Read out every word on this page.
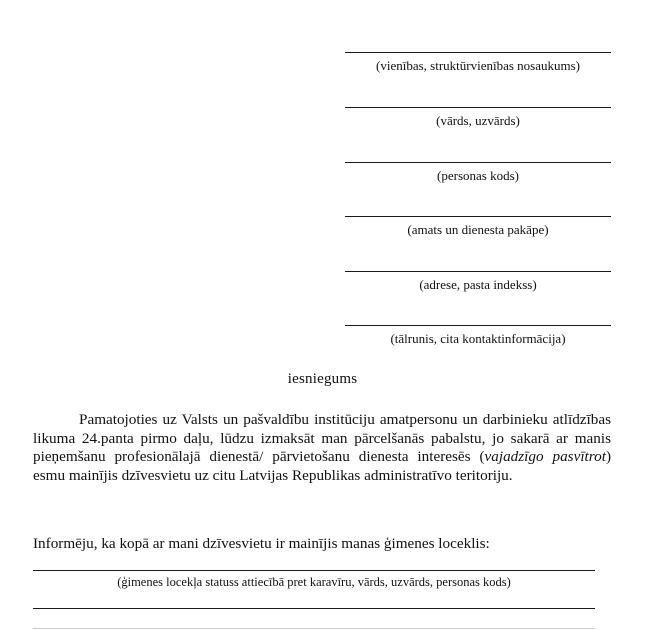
(vienības, struktūrvienības nosaukums)
(vārds, uzvārds)
(personas kods)
(amats un dienesta pakāpe)
(adrese, pasta indekss)
(tālrunis, cita kontaktinformācija)
iesniegums
Pamatojoties uz Valsts un pašvaldību institūciju amatpersonu un darbinieku atlīdzības likuma 24.panta pirmo daļu, lūdzu izmaksāt man pārcelšanās pabalstu, jo sakarā ar manis pieņemšanu profesionālajā dienestā/ pārvietošanu dienesta interesēs (vajadzīgo pasvītrot) esmu mainījis dzīvesvietu uz citu Latvijas Republikas administratīvo teritoriju.
Informēju, ka kopā ar mani dzīvesvietu ir mainījis manas ģimenes loceklis:
(ģimenes locekļa statuss attiecībā pret karavīru, vārds, uzvārds, personas kods)
